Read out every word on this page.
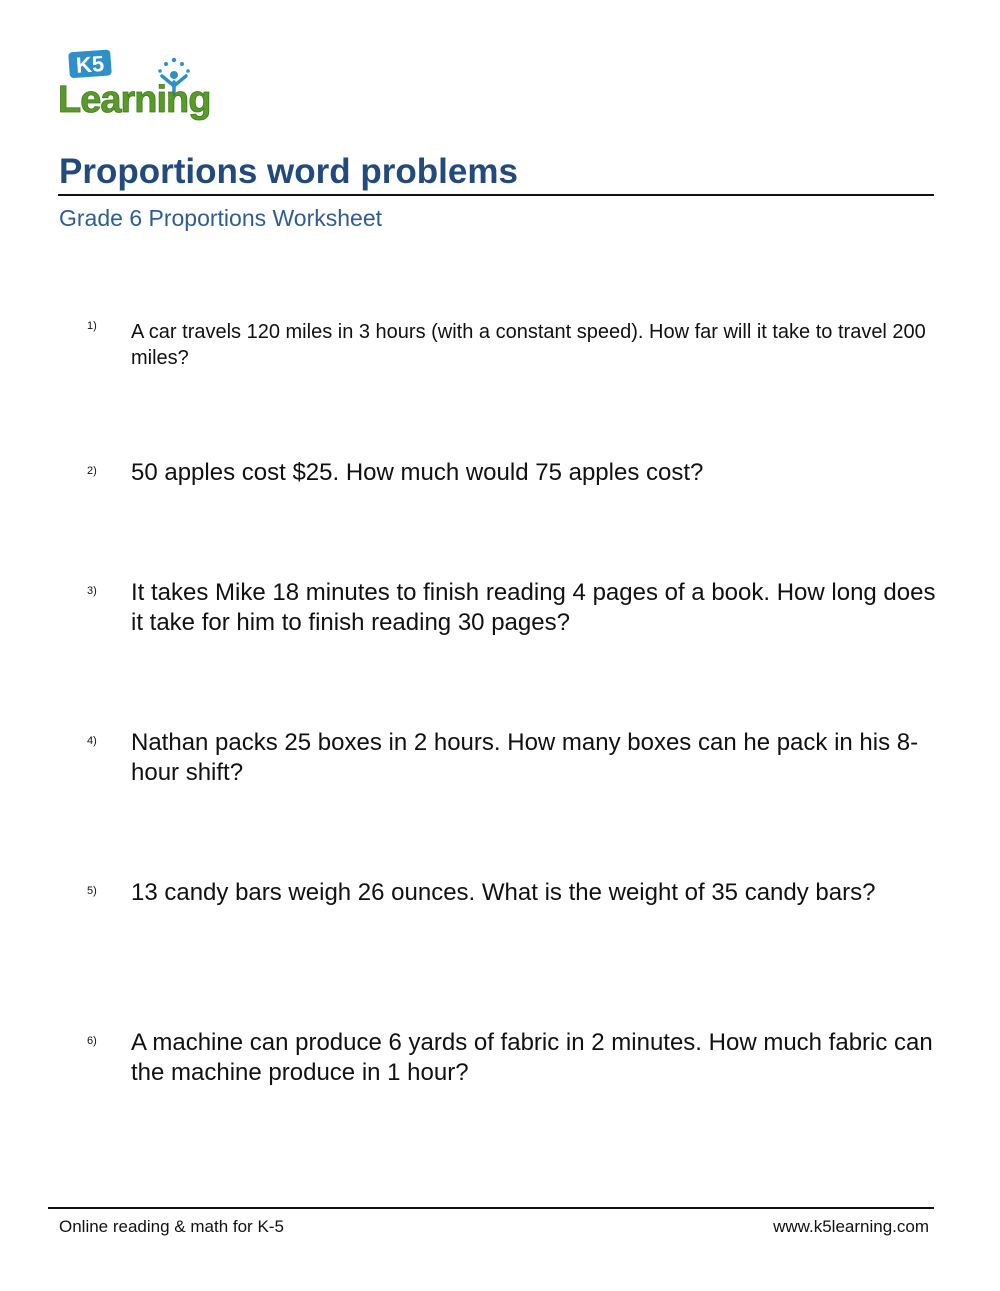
K5
Learning
Proportions word problems
Grade 6 Proportions Worksheet
1) A car travels 120 miles in 3 hours (with a constant speed). How far will it take to travel 200 miles?
2) 50 apples cost $25. How much would 75 apples cost?
3) It takes Mike 18 minutes to finish reading 4 pages of a book. How long does it take for him to finish reading 30 pages?
4) Nathan packs 25 boxes in 2 hours. How many boxes can he pack in his 8-hour shift?
5) 13 candy bars weigh 26 ounces. What is the weight of 35 candy bars?
6) A machine can produce 6 yards of fabric in 2 minutes. How much fabric can the machine produce in 1 hour?
Online reading & math for K-5	www.k5learning.com
